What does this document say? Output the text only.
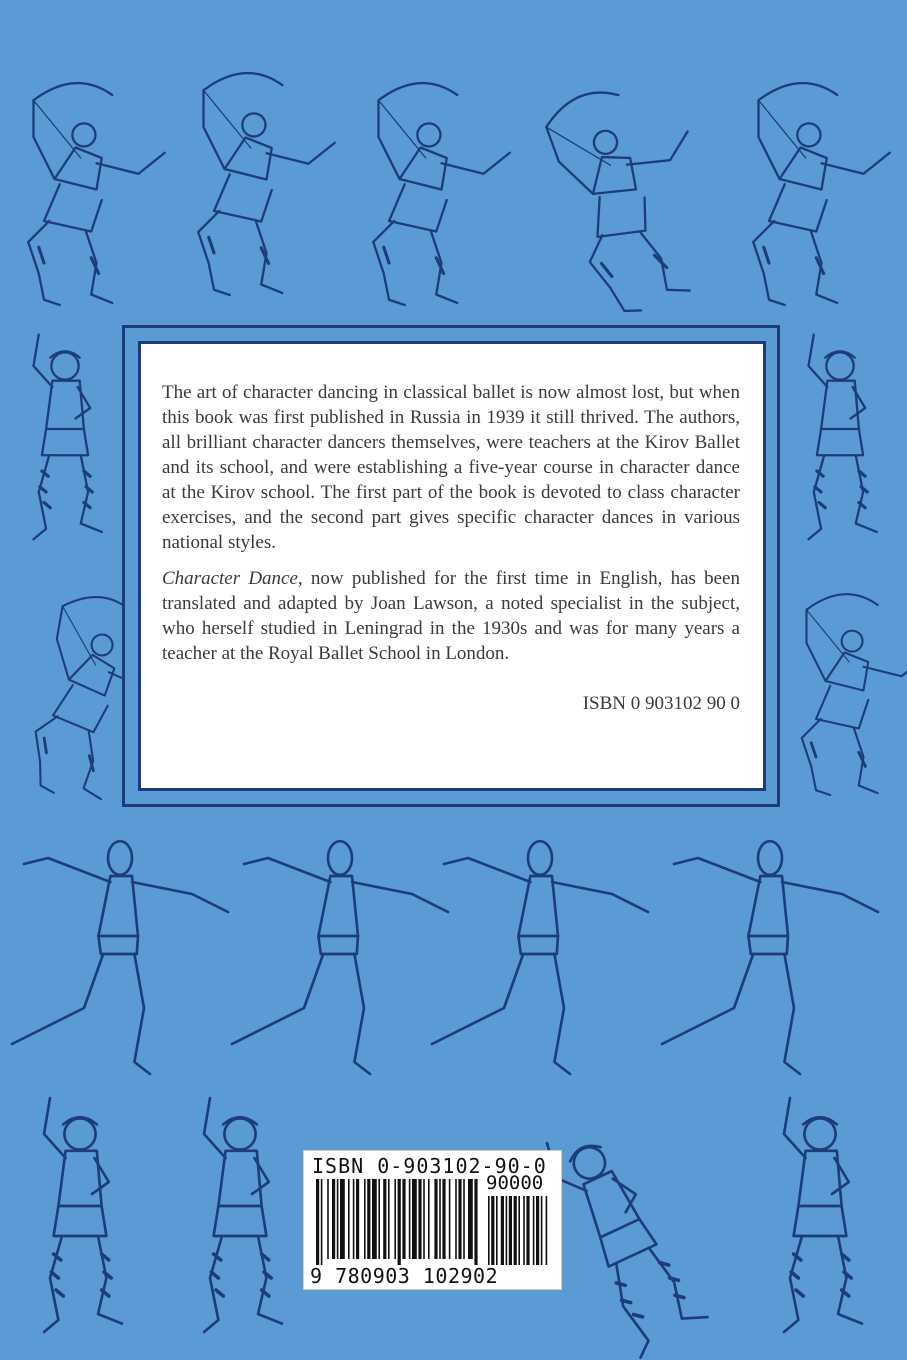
The art of character dancing in classical ballet is now almost lost, but when this book was first published in Russia in 1939 it still thrived. The authors, all brilliant character dancers themselves, were teachers at the Kirov Ballet and its school, and were establishing a five-year course in character dance at the Kirov school. The first part of the book is devoted to class character exercises, and the second part gives specific character dances in various national styles.

Character Dance, now published for the first time in English, has been translated and adapted by Joan Lawson, a noted specialist in the subject, who herself studied in Leningrad in the 1930s and was for many years a teacher at the Royal Ballet School in London.

ISBN 0 903102 90 0

ISBN 0-903102-90-0
90000
9 780903 102902
